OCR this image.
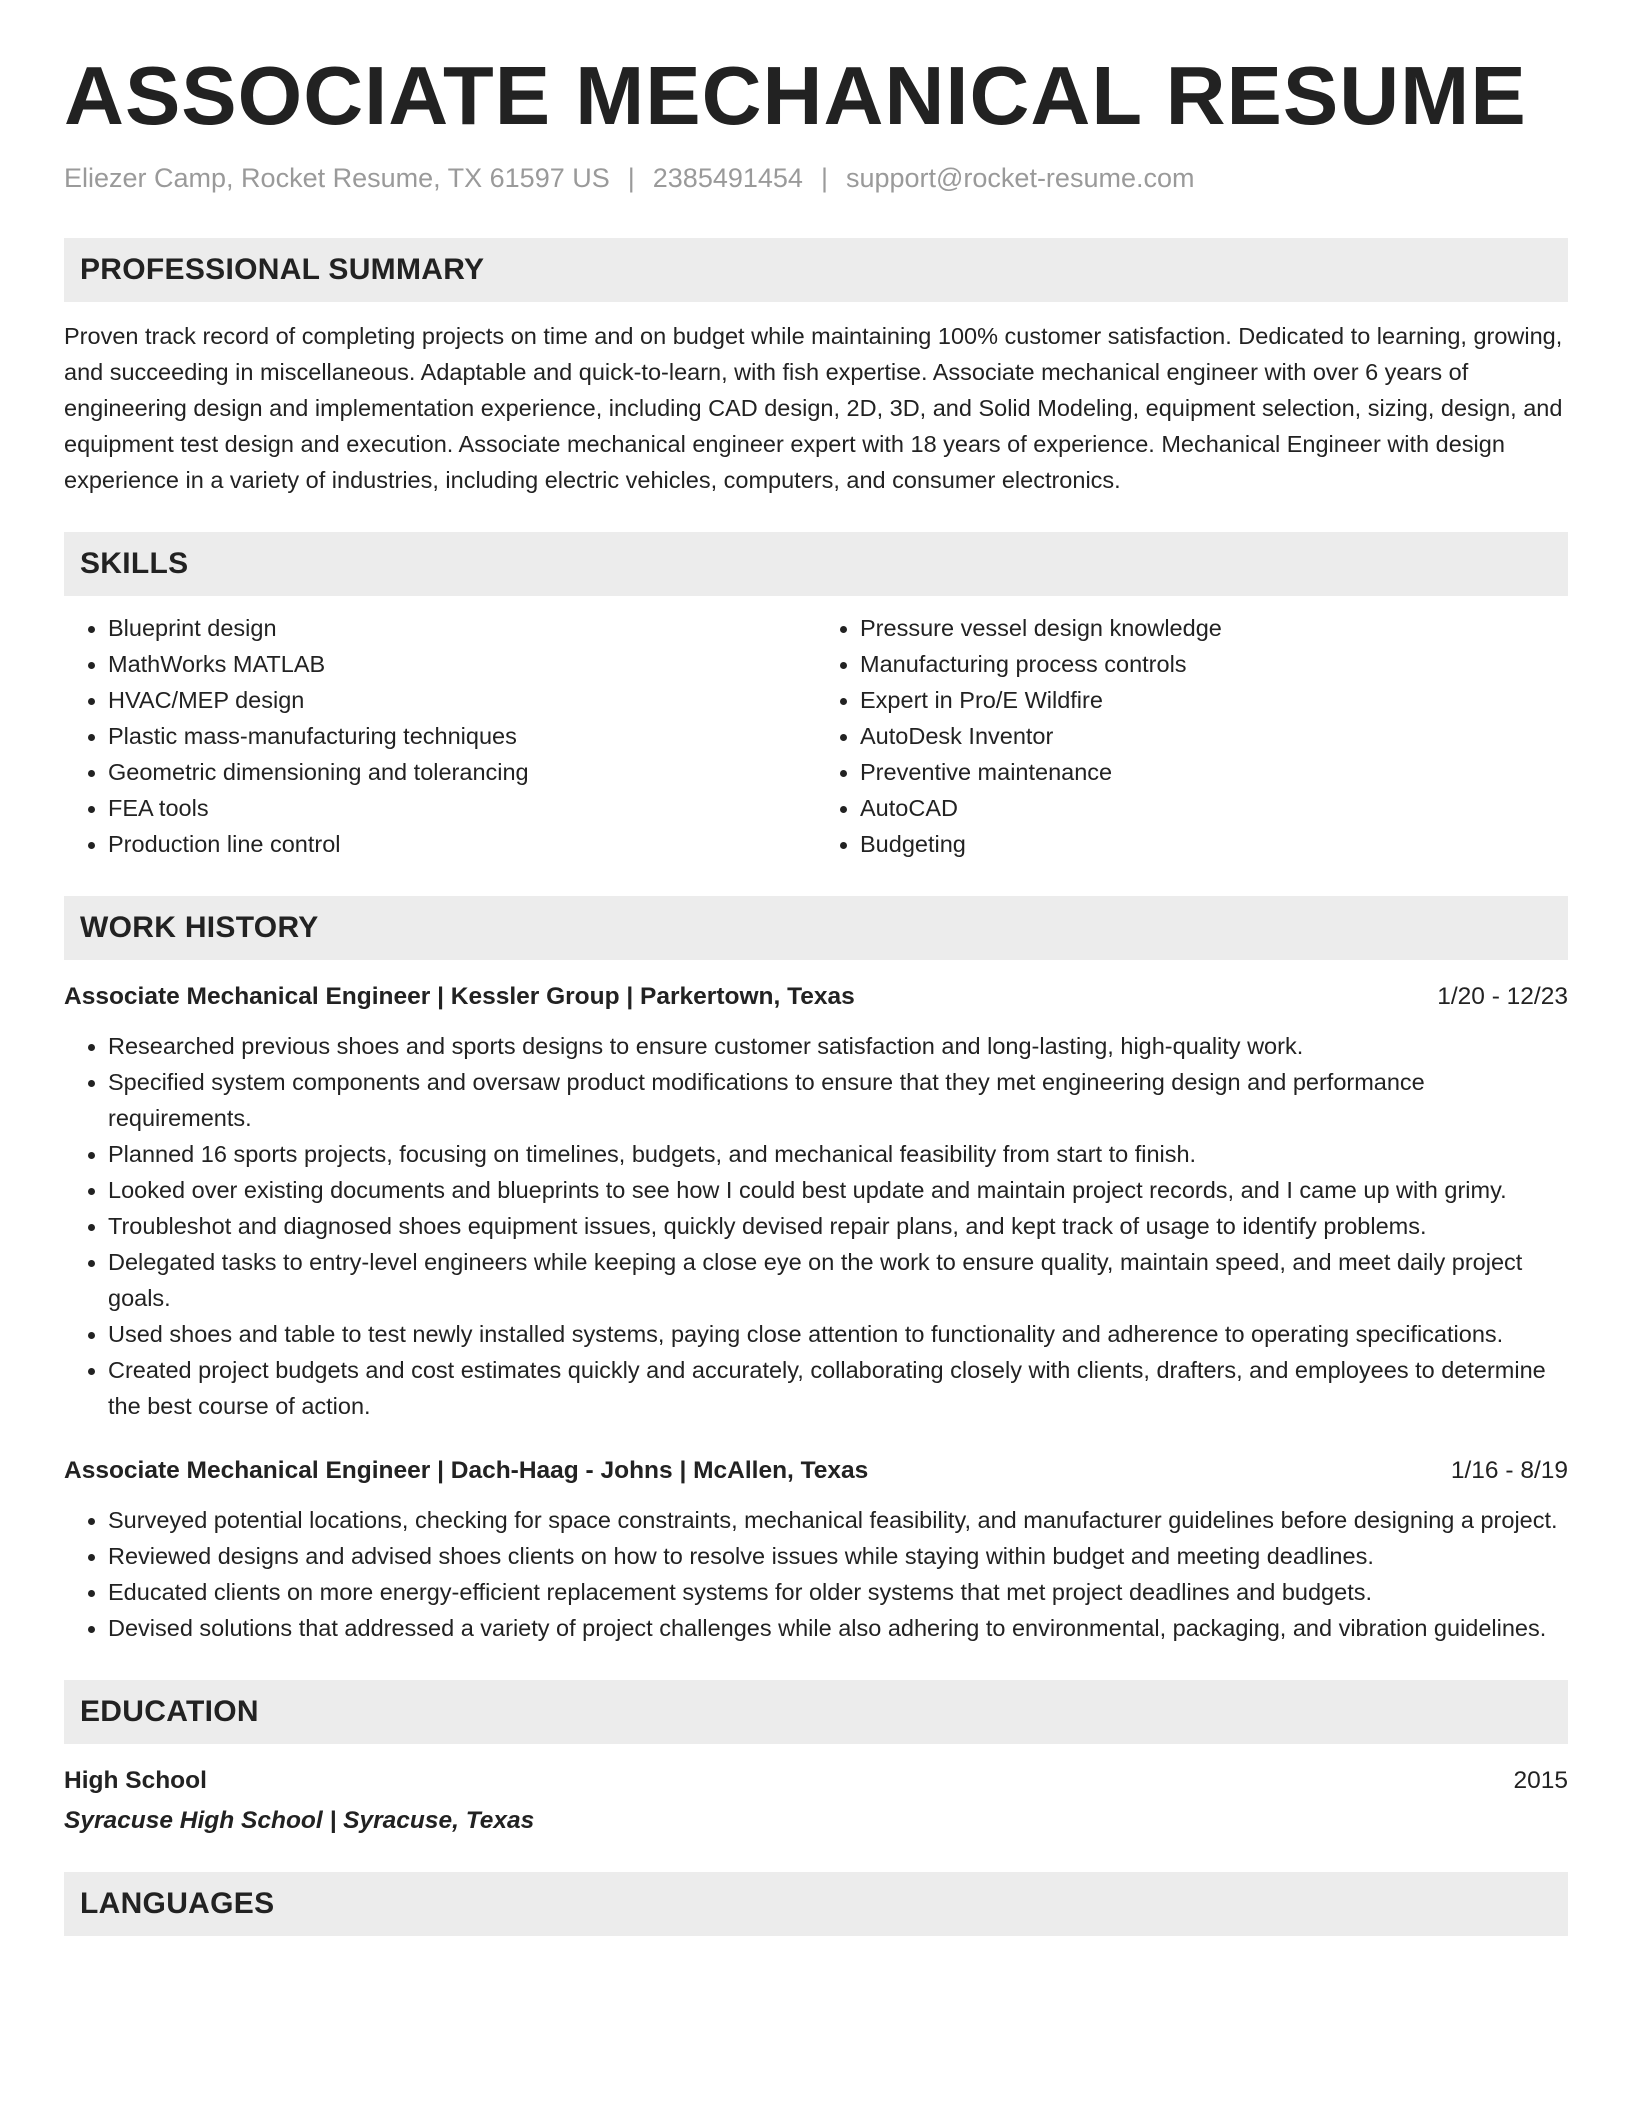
ASSOCIATE MECHANICAL RESUME
Eliezer Camp, Rocket Resume, TX 61597 US | 2385491454 | support@rocket-resume.com
PROFESSIONAL SUMMARY
Proven track record of completing projects on time and on budget while maintaining 100% customer satisfaction. Dedicated to learning, growing, and succeeding in miscellaneous. Adaptable and quick-to-learn, with fish expertise. Associate mechanical engineer with over 6 years of engineering design and implementation experience, including CAD design, 2D, 3D, and Solid Modeling, equipment selection, sizing, design, and equipment test design and execution. Associate mechanical engineer expert with 18 years of experience. Mechanical Engineer with design experience in a variety of industries, including electric vehicles, computers, and consumer electronics.
SKILLS
• Blueprint design
• MathWorks MATLAB
• HVAC/MEP design
• Plastic mass-manufacturing techniques
• Geometric dimensioning and tolerancing
• FEA tools
• Production line control
• Pressure vessel design knowledge
• Manufacturing process controls
• Expert in Pro/E Wildfire
• AutoDesk Inventor
• Preventive maintenance
• AutoCAD
• Budgeting
WORK HISTORY
Associate Mechanical Engineer | Kessler Group | Parkertown, Texas	1/20 - 12/23
• Researched previous shoes and sports designs to ensure customer satisfaction and long-lasting, high-quality work.
• Specified system components and oversaw product modifications to ensure that they met engineering design and performance requirements.
• Planned 16 sports projects, focusing on timelines, budgets, and mechanical feasibility from start to finish.
• Looked over existing documents and blueprints to see how I could best update and maintain project records, and I came up with grimy.
• Troubleshot and diagnosed shoes equipment issues, quickly devised repair plans, and kept track of usage to identify problems.
• Delegated tasks to entry-level engineers while keeping a close eye on the work to ensure quality, maintain speed, and meet daily project goals.
• Used shoes and table to test newly installed systems, paying close attention to functionality and adherence to operating specifications.
• Created project budgets and cost estimates quickly and accurately, collaborating closely with clients, drafters, and employees to determine the best course of action.
Associate Mechanical Engineer | Dach-Haag - Johns | McAllen, Texas	1/16 - 8/19
• Surveyed potential locations, checking for space constraints, mechanical feasibility, and manufacturer guidelines before designing a project.
• Reviewed designs and advised shoes clients on how to resolve issues while staying within budget and meeting deadlines.
• Educated clients on more energy-efficient replacement systems for older systems that met project deadlines and budgets.
• Devised solutions that addressed a variety of project challenges while also adhering to environmental, packaging, and vibration guidelines.
EDUCATION
High School	2015
Syracuse High School | Syracuse, Texas
LANGUAGES
